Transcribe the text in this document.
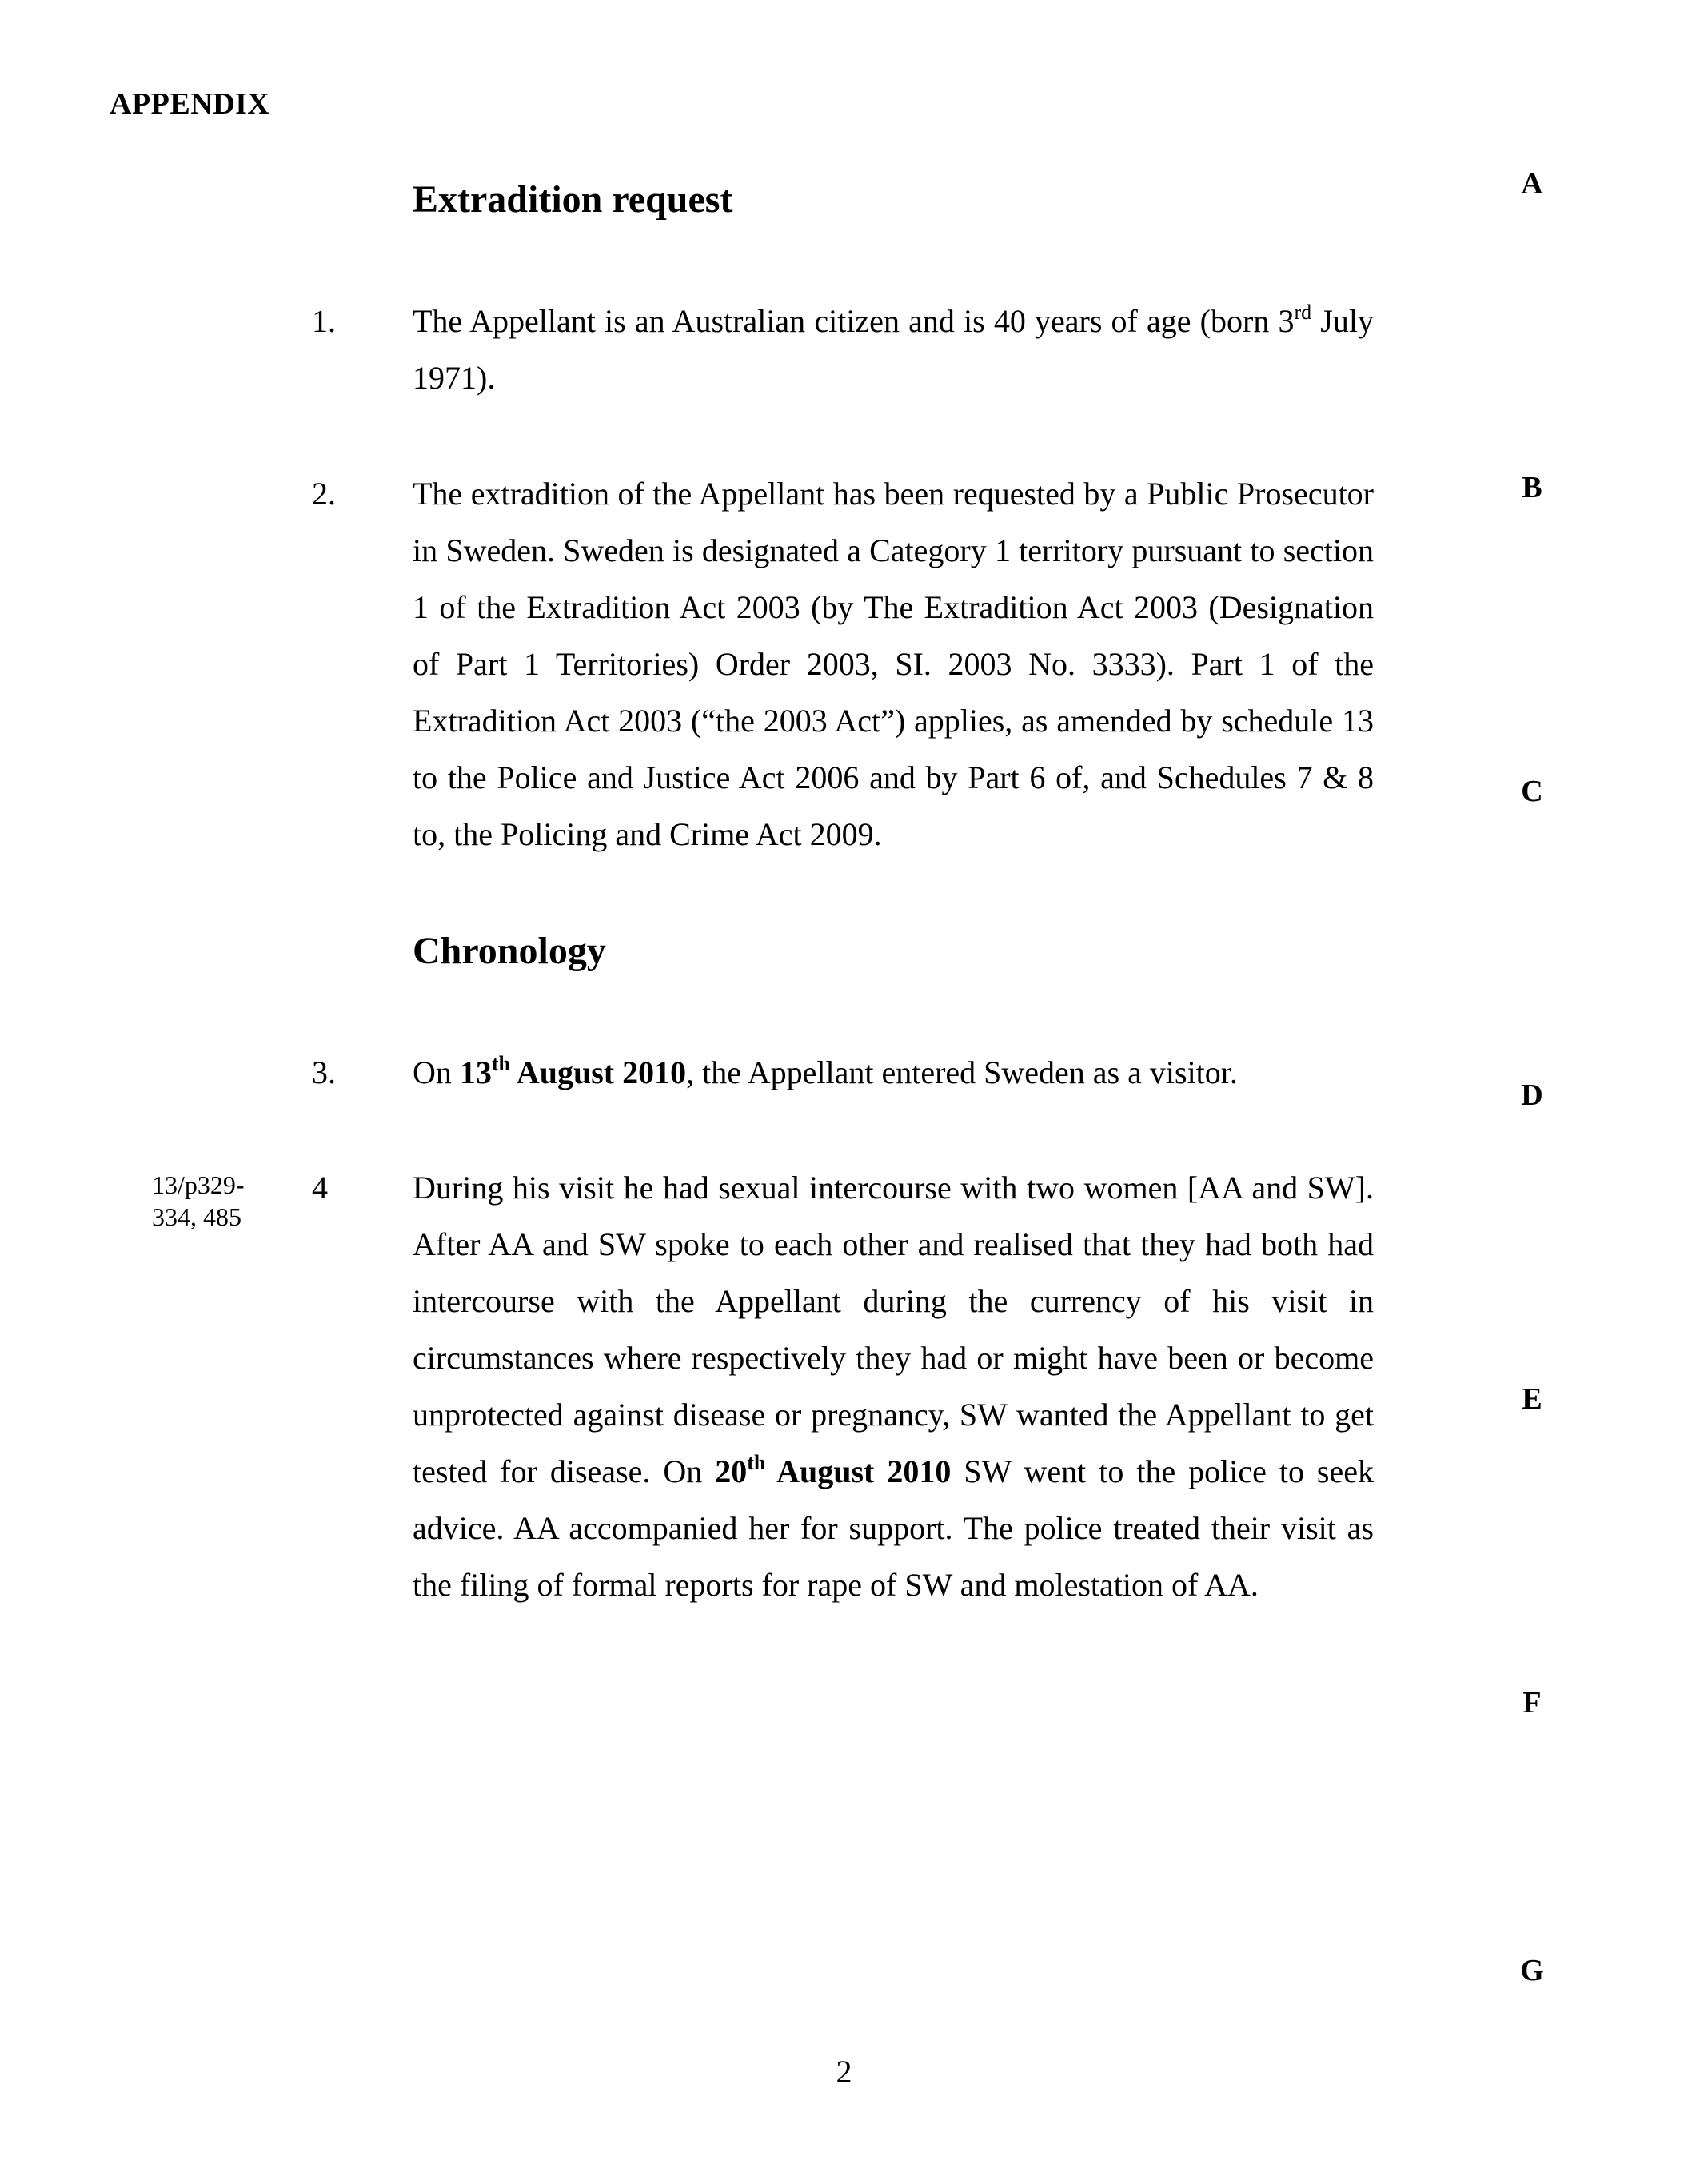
APPENDIX
A
B
C
D
E
F
G
Extradition request
1. The Appellant is an Australian citizen and is 40 years of age (born 3rd July 1971).
2. The extradition of the Appellant has been requested by a Public Prosecutor in Sweden. Sweden is designated a Category 1 territory pursuant to section 1 of the Extradition Act 2003 (by The Extradition Act 2003 (Designation of Part 1 Territories) Order 2003, SI. 2003 No. 3333). Part 1 of the Extradition Act 2003 (“the 2003 Act”) applies, as amended by schedule 13 to the Police and Justice Act 2006 and by Part 6 of, and Schedules 7 & 8 to, the Policing and Crime Act 2009.
Chronology
3. On 13th August 2010, the Appellant entered Sweden as a visitor.
13/p329-
334, 485
4	During his visit he had sexual intercourse with two women [AA and SW]. After AA and SW spoke to each other and realised that they had both had intercourse with the Appellant during the currency of his visit in circumstances where respectively they had or might have been or become unprotected against disease or pregnancy, SW wanted the Appellant to get tested for disease. On 20th August 2010 SW went to the police to seek advice. AA accompanied her for support. The police treated their visit as the filing of formal reports for rape of SW and molestation of AA.
2
